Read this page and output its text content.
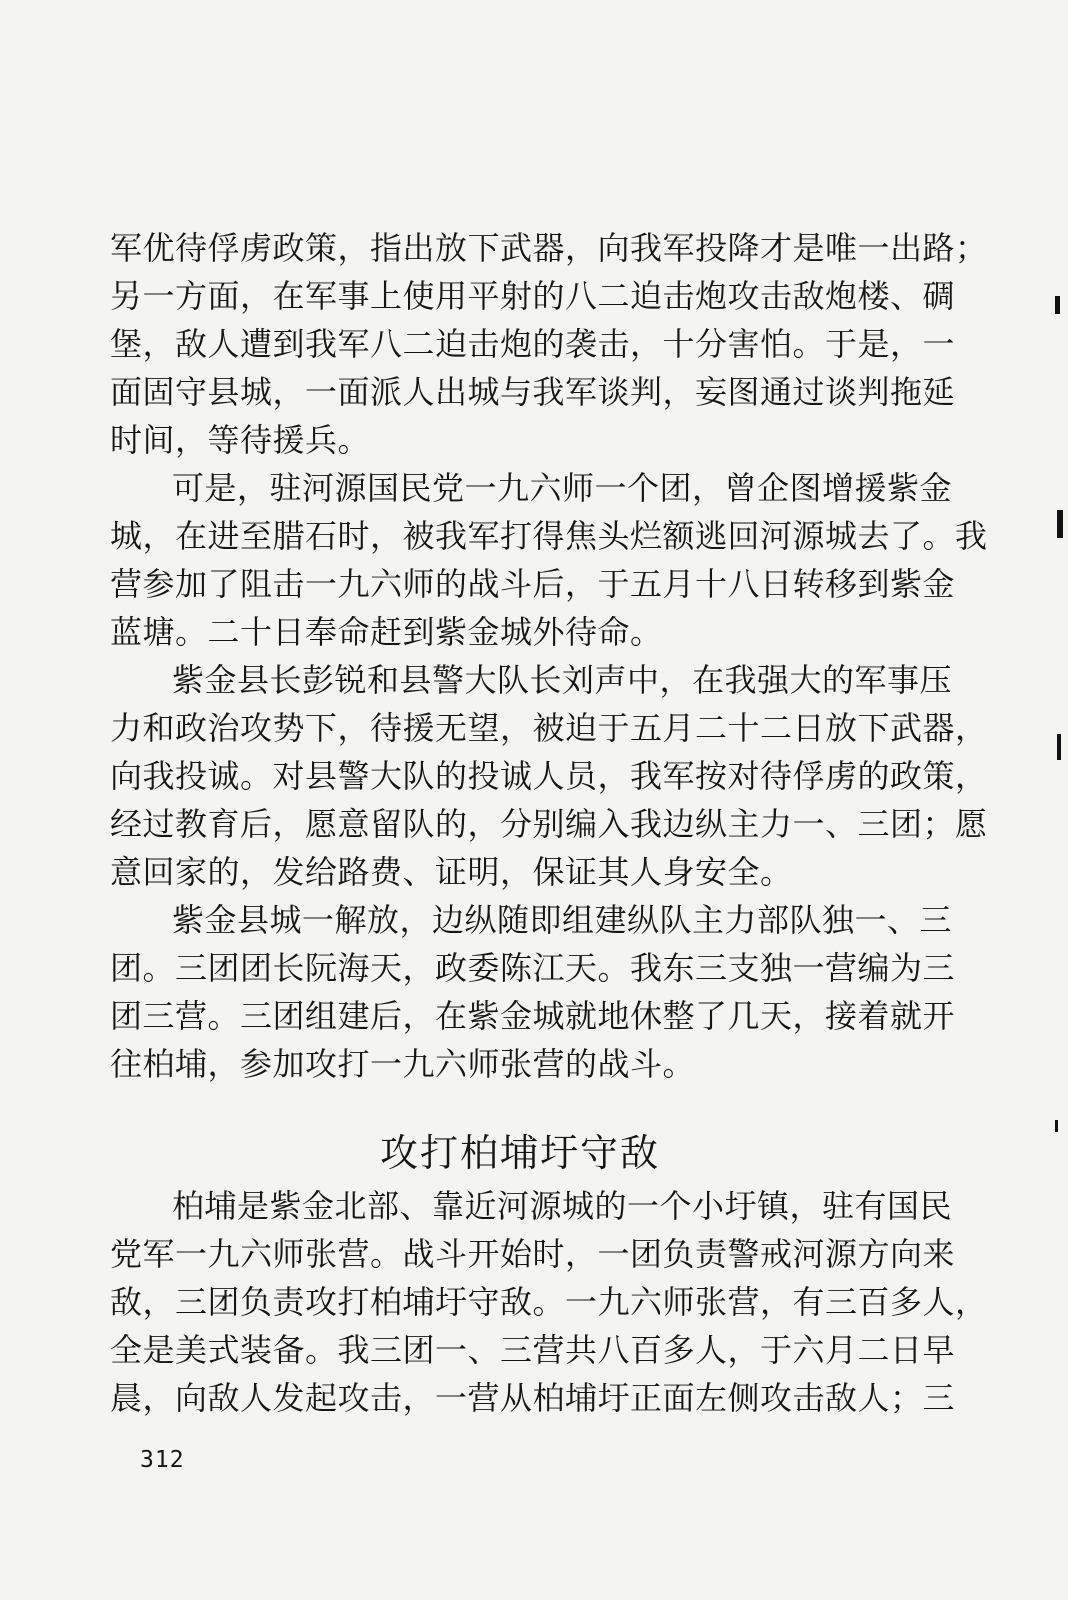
军优待俘虏政策，指出放下武器，向我军投降才是唯一出路；
另一方面，在军事上使用平射的八二迫击炮攻击敌炮楼、碉
堡，敌人遭到我军八二迫击炮的袭击，十分害怕。于是，一
面固守县城，一面派人出城与我军谈判，妄图通过谈判拖延
时间，等待援兵。
可是，驻河源国民党一九六师一个团，曾企图增援紫金
城，在进至腊石时，被我军打得焦头烂额逃回河源城去了。我
营参加了阻击一九六师的战斗后，于五月十八日转移到紫金
蓝塘。二十日奉命赶到紫金城外待命。
紫金县长彭锐和县警大队长刘声中，在我强大的军事压
力和政治攻势下，待援无望，被迫于五月二十二日放下武器，
向我投诚。对县警大队的投诚人员，我军按对待俘虏的政策，
经过教育后，愿意留队的，分别编入我边纵主力一、三团；愿
意回家的，发给路费、证明，保证其人身安全。
紫金县城一解放，边纵随即组建纵队主力部队独一、三
团。三团团长阮海天，政委陈江天。我东三支独一营编为三
团三营。三团组建后，在紫金城就地休整了几天，接着就开
往柏埔，参加攻打一九六师张营的战斗。
攻打柏埔圩守敌
柏埔是紫金北部、靠近河源城的一个小圩镇，驻有国民
党军一九六师张营。战斗开始时，一团负责警戒河源方向来
敌，三团负责攻打柏埔圩守敌。一九六师张营，有三百多人，
全是美式装备。我三团一、三营共八百多人，于六月二日早
晨，向敌人发起攻击，一营从柏埔圩正面左侧攻击敌人；三
312
